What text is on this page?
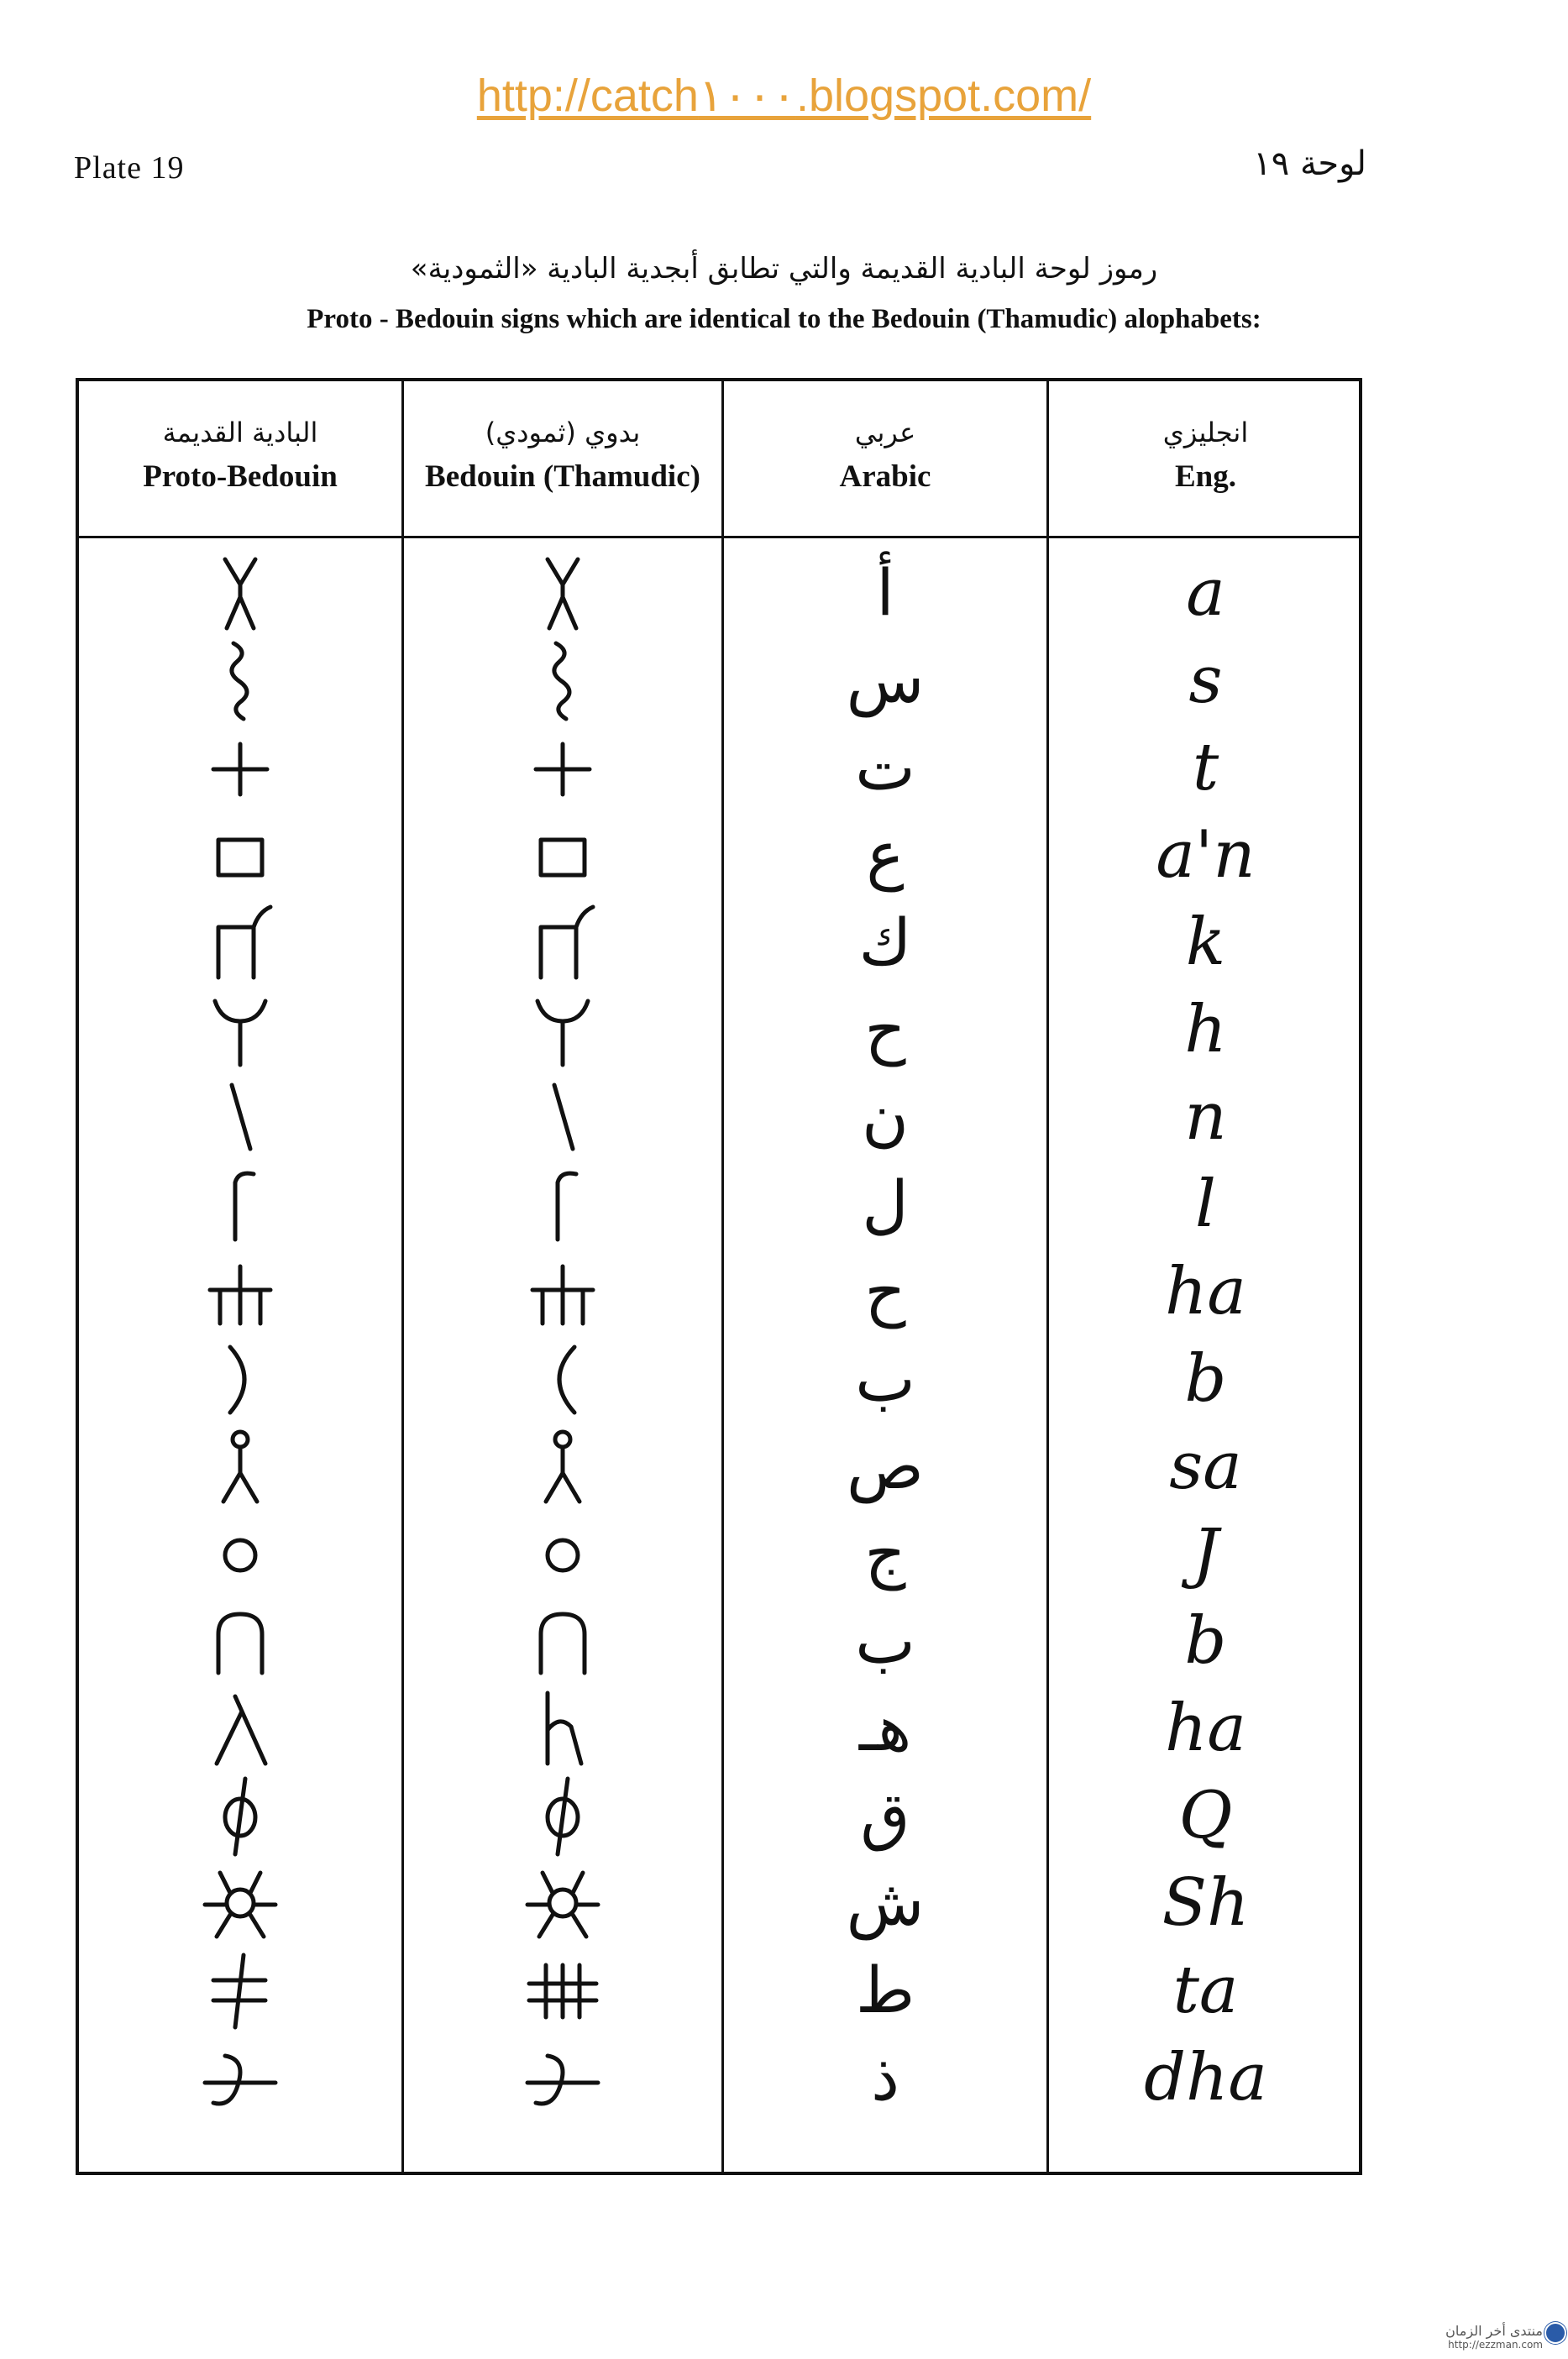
http://catch١٠٠٠.blogspot.com/
Plate 19	لوحة ١٩
رموز لوحة البادية القديمة والتي تطابق أبجدية البادية «الثمودية»
Proto - Bedouin signs which are identical to the Bedouin (Thamudic) alophabets:
البادية القديمة
Proto-Bedouin
بدوي (ثمودي)
Bedouin (Thamudic)
عربي
Arabic
انجليزي
Eng.
أ
س
ت
ع
ك
ح
ن
ل
ح
ب
ص
ج
ب
هـ
ق
ش
ط
ذ
a
s
t
a'n
k
h
n
l
ha
b
sa
J
b
ha
Q
Sh
ta
dha
منتدى أخر الزمان
http://ezzman.com
